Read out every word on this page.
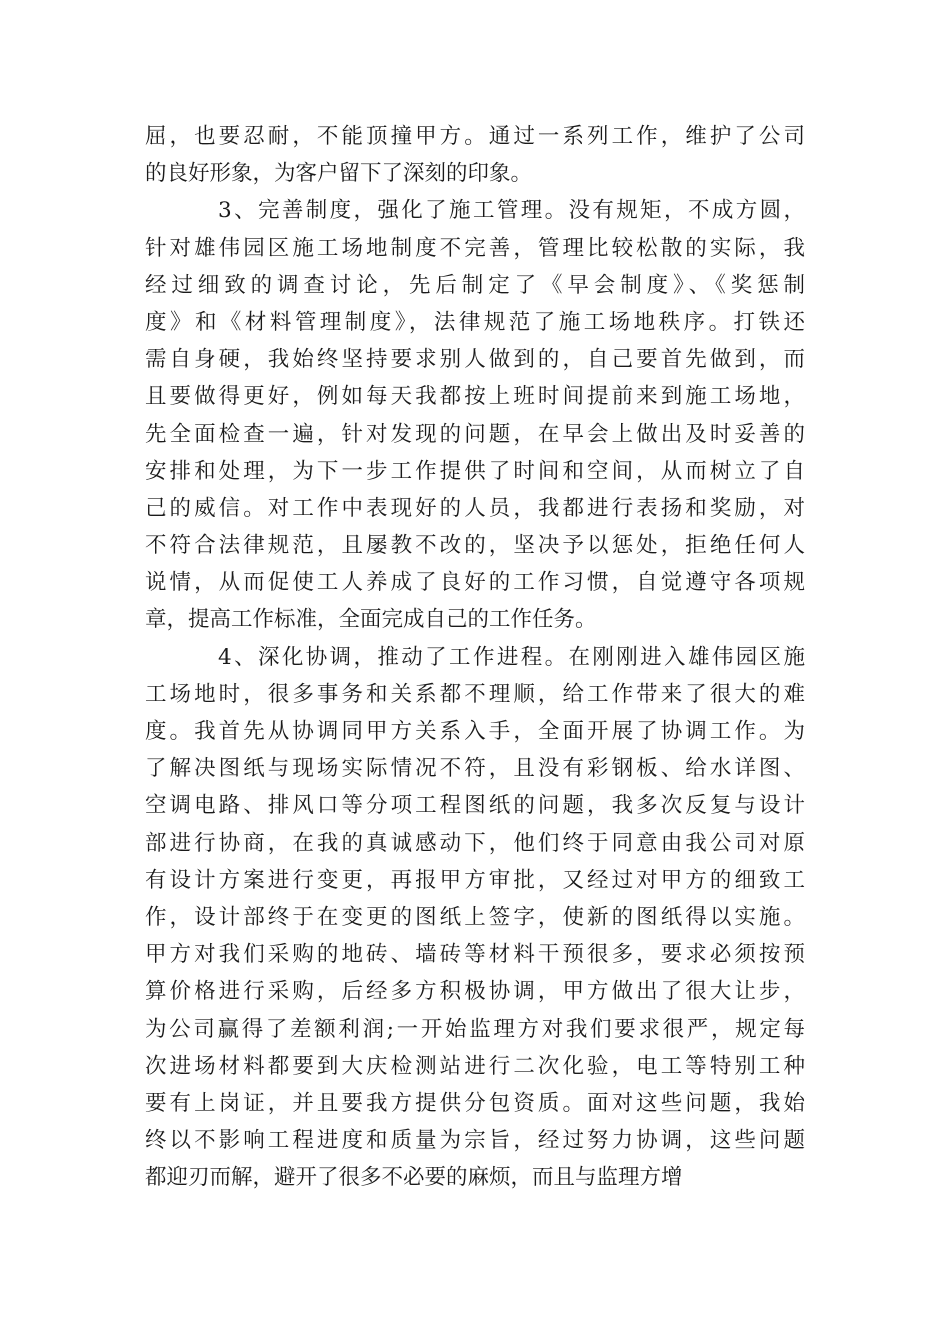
屈，也要忍耐，不能顶撞甲方。通过一系列工作，维护了公司
的良好形象，为客户留下了深刻的印象。
3、完善制度，强化了施工管理。没有规矩，不成方圆，
针对雄伟园区施工场地制度不完善，管理比较松散的实际，我
经过细致的调查讨论，先后制定了《早会制度》、《奖惩制
度》和《材料管理制度》，法律规范了施工场地秩序。打铁还
需自身硬，我始终坚持要求别人做到的，自己要首先做到，而
且要做得更好，例如每天我都按上班时间提前来到施工场地，
先全面检查一遍，针对发现的问题，在早会上做出及时妥善的
安排和处理，为下一步工作提供了时间和空间，从而树立了自
己的威信。对工作中表现好的人员，我都进行表扬和奖励，对
不符合法律规范，且屡教不改的，坚决予以惩处，拒绝任何人
说情，从而促使工人养成了良好的工作习惯，自觉遵守各项规
章，提高工作标准，全面完成自己的工作任务。
4、深化协调，推动了工作进程。在刚刚进入雄伟园区施
工场地时，很多事务和关系都不理顺，给工作带来了很大的难
度。我首先从协调同甲方关系入手，全面开展了协调工作。为
了解决图纸与现场实际情况不符，且没有彩钢板、给水详图、
空调电路、排风口等分项工程图纸的问题，我多次反复与设计
部进行协商，在我的真诚感动下，他们终于同意由我公司对原
有设计方案进行变更，再报甲方审批，又经过对甲方的细致工
作，设计部终于在变更的图纸上签字，使新的图纸得以实施。
甲方对我们采购的地砖、墙砖等材料干预很多，要求必须按预
算价格进行采购，后经多方积极协调，甲方做出了很大让步，
为公司赢得了差额利润;一开始监理方对我们要求很严，规定每
次进场材料都要到大庆检测站进行二次化验，电工等特别工种
要有上岗证，并且要我方提供分包资质。面对这些问题，我始
终以不影响工程进度和质量为宗旨，经过努力协调，这些问题
都迎刃而解，避开了很多不必要的麻烦，而且与监理方增
